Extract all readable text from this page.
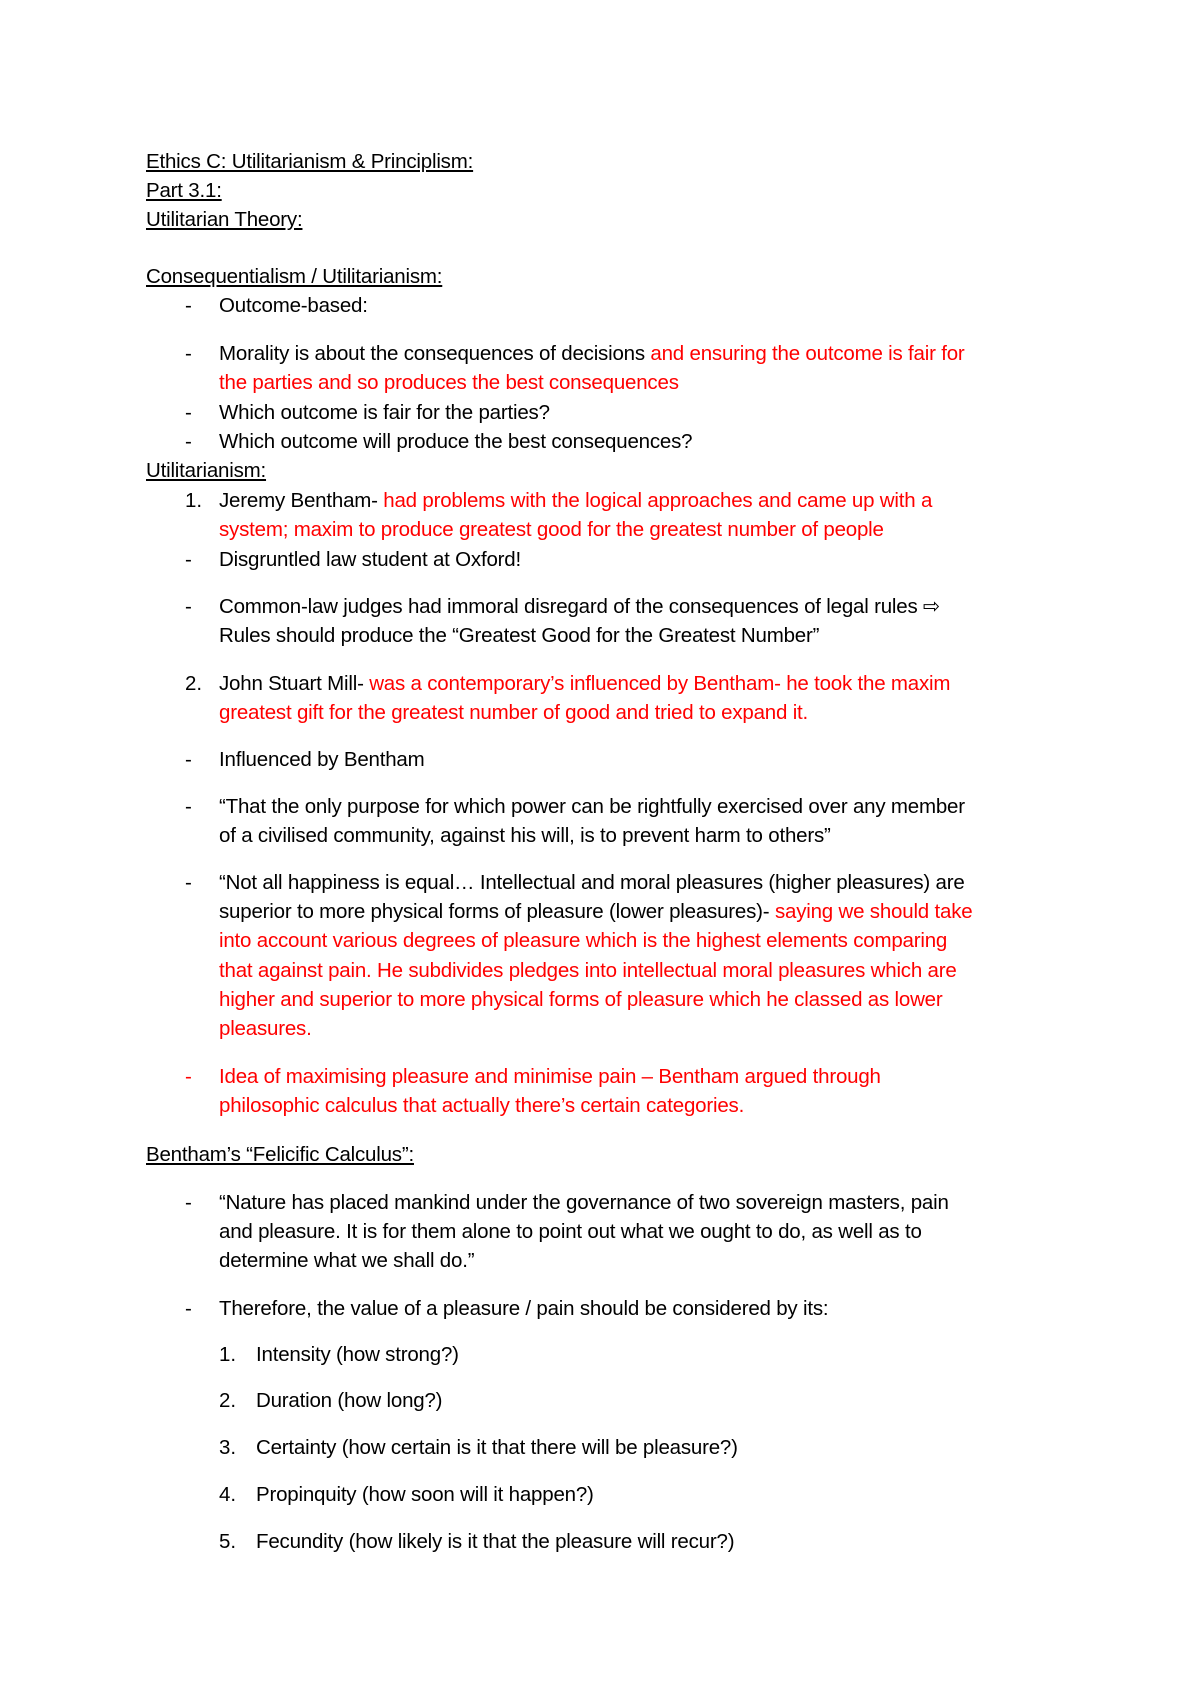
Ethics C: Utilitarianism & Principlism:
Part 3.1:
Utilitarian Theory:
Consequentialism / Utilitarianism:
- Outcome-based:
- Morality is about the consequences of decisions and ensuring the outcome is fair for
the parties and so produces the best consequences
- Which outcome is fair for the parties?
- Which outcome will produce the best consequences?
Utilitarianism:
1. Jeremy Bentham- had problems with the logical approaches and came up with a
system; maxim to produce greatest good for the greatest number of people
- Disgruntled law student at Oxford!
- Common-law judges had immoral disregard of the consequences of legal rules ⇨
Rules should produce the “Greatest Good for the Greatest Number”
2. John Stuart Mill- was a contemporary’s influenced by Bentham- he took the maxim
greatest gift for the greatest number of good and tried to expand it.
- Influenced by Bentham
- “That the only purpose for which power can be rightfully exercised over any member
of a civilised community, against his will, is to prevent harm to others”
- “Not all happiness is equal… Intellectual and moral pleasures (higher pleasures) are
superior to more physical forms of pleasure (lower pleasures)- saying we should take
into account various degrees of pleasure which is the highest elements comparing
that against pain. He subdivides pledges into intellectual moral pleasures which are
higher and superior to more physical forms of pleasure which he classed as lower
pleasures.
- Idea of maximising pleasure and minimise pain – Bentham argued through
philosophic calculus that actually there’s certain categories.
Bentham’s “Felicific Calculus”:
- “Nature has placed mankind under the governance of two sovereign masters, pain
and pleasure. It is for them alone to point out what we ought to do, as well as to
determine what we shall do.”
- Therefore, the value of a pleasure / pain should be considered by its:
1. Intensity (how strong?)
2. Duration (how long?)
3. Certainty (how certain is it that there will be pleasure?)
4. Propinquity (how soon will it happen?)
5. Fecundity (how likely is it that the pleasure will recur?)
